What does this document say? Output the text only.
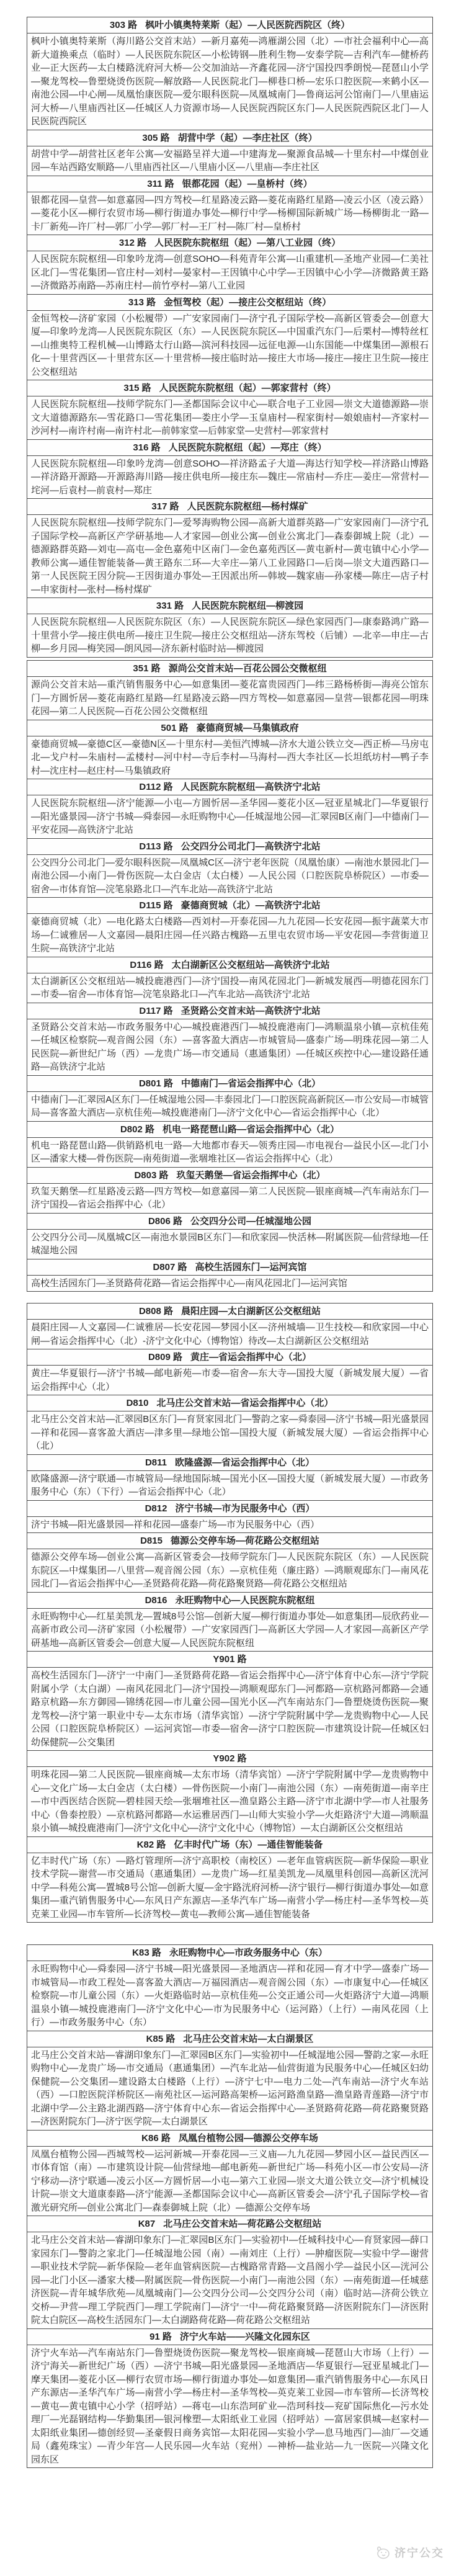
303 路 枫叶小镇奥特莱斯（起）—人民医院西院区（终）
枫叶小镇奥特莱斯（海川路公交首末站）—新月嘉苑—鸿雁湖公园（北）—市社会福利中心—高新大道换乘点（临时）—人民医院东院区—小松铸钢—胜利生物—安泰学院—吉利汽车—健桥药业—正大医药—太白楼路洸府河大桥—公交加油站—齐鑫花园—济宁国投四季朗悦—琵琶山小学—聚龙驾校—鲁塑烧烫伤医院—解放路—人民医院北门—柳巷口桥—宏乐口腔医院—来鹤小区—南池公园—中心闸—凤凰怡康医院—爱尔眼科医院—凤凰城南门—鲁商运河公馆南门—八里庙运河大桥—八里庙西社区—任城区人力资源市场—人民医院西院区东门—人民医院西院区北门—人民医院西院区
305 路 胡营中学（起）—李庄社区（终）
胡营中学—胡营社区老年公寓—安福路呈祥大道—中建海龙—聚源食品城—十里东村—中煤创业园—车站西路安顺路—八里庙西社区—八里庙小区—八里庙—李庄社区
311 路 银都花园（起）—皇桥村（终）
银都花园—皇营—如意嘉园—四方驾校—红星路凌云路—菱花南路红星路—凌云小区（凌云路）—菱花小区—柳行农贸市场—柳行街道办事处—柳行中学—杨柳国际新城广场—杨柳街北一路—卡厂新苑—许厂村—郭厂小学—郭厂村—王厂村—陈厂村—皇桥村
312 路 人民医院东院枢纽（起）—第八工业园（终）
人民医院东院枢纽—印象吟龙湾—创意SOHO—科苑青年公寓—山重建机—圣地产业园—仁美社区北门—雪花集团—官庄村—刘村—晏家村—王因镇中心中学—王因镇中心小学—济微路黄王路—济微路苏南路—苏南庄村—前竹亭村—第八工业园
313 路 金恒驾校（起）—接庄公交枢纽站（终）
金恒驾校—济矿家园（小松履带）—广安家园南门—济宁孔子国际学校—高新区管委会—创意大厦—印象吟龙湾—人民医院东院区（东）—人民医院东院区—中国重汽东门—后栗村—博特丝杠—山推奥特工程机械—山博路太行山路—滨河科技园—远征电源—山东国能—中煤集团—源根石化—十里营西区—十里营东区—十里营桥—接庄临时站—接庄大市场—接庄—接庄卫生院—接庄公交枢纽站
315 路 人民医院东院枢纽（起）—郭家营村（终）
人民医院东院枢纽—技师学院东门—圣都国际会议中心—联合电子工业园—崇文大道德源路—崇文大道德源路东—雪花路口—雪花集团—娄庄小学—玉皇庙村—程家街村—娘娘庙村—齐家村—沙河村—南许村南—南许村北—前韩家堂—后韩家堂—史营村—郭家营村
316 路 人民医院东院枢纽（起）—郑庄（终）
人民医院东院枢纽—印象吟龙湾—创意SOHO—祥济路孟子大道—海达行知学校—祥济路山博路—祥济路开源路—开源路海川路—接庄供电所—接庄东—魏庄—常庙村—乔庄—姜庄—常营村—垞河—后袁村—前袁村—郑庄
317 路 人民医院东院枢纽—杨村煤矿
人民医院东院枢纽—技师学院东门—爱琴海购物公园—高新大道群英路—广安家园南门—济宁孔子国际学校—高新区产学研基地—人才家园—创业公寓—创业公寓北门—森泰御城上院（北）—德源路群英路—刘屯—高屯—金色嘉苑中区南门—金色嘉苑西区—黄屯新村—黄屯镇中心小学—教师公寓—通佳智能装备—黄王路东二环—大辛庄—第八工业园路口—后岗—崇文大道西路口—第一人民医院王因分院—王因街道办事处—王因派出所—韩坡—魏家庙—孙家楼—陈庄—店子村—申家街村—张村—杨村煤矿
331 路 人民医院东院枢纽—柳渡园
人民医院东院枢纽—人民医院东院区（东）—人民医院东院区—绿色家园西门—康泰路鸿广路—十里营小学—接庄供电所—接庄卫生院—接庄公交枢纽站—济东驾校（后铺）—北辛—申庄—古柳—乡月园—梅笑园—朗风园—济东新村临时站—柳渡园
351 路 源尚公交首末站—百花公园公交微枢纽
源尚公交首末站—重汽销售服务中心—如意集团—菱花富贵园西门—纬三路杨桥街—海亮公馆东门—方圆忻居—菱花南路红星路—红星路凌云路—四方驾校—如意嘉园—皇营—银都花园—明珠花园—第二人民医院—百花公园公交微枢纽
501 路 豪德商贸城—马集镇政府
豪德商贸城—豪德C区—豪德N区—十里东村—美恒汽博城—济水大道公铁立交—西正桥—马房屯北—戈户村—朱庙村—孟楼村—河中村—寺后李村—马海村—西大李社区—长坦纸坊村—鸭子李村—沈庄村—赵庄村—马集镇政府
D112 路 人民医院东院枢纽—高铁济宁北站
人民医院东院枢纽—济宁能源—小屯—方圆忻居—圣华园—菱花小区—冠亚星城北门—华夏银行—阳光盛景园—济宁书城—舜泰园—永旺购物中心—任城湿地公园—汇翠园B区南门—中德南门—平安花园—高铁济宁北站
D113 路 公交四分公司北门—高铁济宁北站
公交四分公司北门—爱尔眼科医院—凤凰城C区—济宁老年医院（凤凰怡康）—南池水景园北门—南池公园—小南门—骨伤医院—太白金店（太白楼）—人民公园（口腔医院阜桥院区）—市委—宿舍—市体育馆—浣笔泉路北口—汽车北站—高铁济宁北站
D115 路 豪德商贸城（北）—高铁济宁北站
豪德商贸城（北）—电化路太白楼路—西刘村—开泰花园—九九花园—长安花园—振宇蔬菜大市场—仁诚雅居—人文嘉园—晨阳庄园—任兴路古槐路—五里屯农贸市场—平安花园—李营街道卫生院—高铁济宁北站
D116 路 太白湖新区公交枢纽站—高铁济宁北站
太白湖新区公交枢纽站—城投鹿港西门—济宁国投—南风花园北门—新城发展西—明德花园东门—市委—宿舍—市体育馆—浣笔泉路北口—汽车北站—高铁济宁北站
D117 路 圣贤路公交首末站—高铁济宁北站
圣贤路公交首末站—市政务服务中心—城投鹿港西门—城投鹿港南门—鸿顺温泉小镇—京杭佳苑—任城区检察院—观音阁公园（东）—喜客盈大酒店—市城管局—盛泰广场—明珠花园—第二人民医院—新世纪广场（西）—龙贵广场—市交通局（惠通集团）—任城区疾控中心—建设路任通路—高铁济宁北站
D801 路 中德南门—省运会指挥中心（北）
中德南门—汇翠园A区东门—任城湿地公园—丰泰园北门—口腔医院高新院区—市公安局—市城管局—喜客盈大酒店—京杭佳苑—城投鹿港南门—济宁文化中心—省运会指挥中心（北）
D802 路 机电一路琵琶山路—省运会指挥中心（北）
机电一路琵琶山路—供销路机电一路—大地都市春天—领秀庄园—市电视台—益民小区—北门小区—潘家大楼—骨伤医院—南苑街道—张堌堆社区—省运会指挥中心（北）
D803 路 玖玺天鹅堡—省运会指挥中心（北）
玖玺天鹅堡—红星路凌云路—四方驾校—如意嘉园—第二人民医院—银座商城—汽车南站东门—济宁国投—省运会指挥中心（北）
D806 路 公交四分公司—任城湿地公园
公交四分公司—凤凰城C区—南池水景园B区东门—和欣家园—快活林—附属医院—仙营绿地—任城湿地公园
D807 路 高校生活园东门—运河宾馆
高校生活园东门—圣贤路荷花路—省运会指挥中心—南风花园北门—运河宾馆
D808 路 晨阳庄园—太白湖新区公交枢纽站
晨阳庄园—人文嘉园—仁诚雅居—长安花园—梦园小区—济州城墙—卫生技校—和欣家园—中心闸—省运会指挥中心（北）-济宁文化中心（博物馆）待改—太白湖新区公交枢纽站
D809 路 黄庄—省运会指挥中心（北）
黄庄—华夏银行—济宁书城—邮电新苑—市委—宿舍—东大寺—国投大厦（新城发展大厦）—省运会指挥中心（北）
D810 北马庄公交首末站—省运会指挥中心（北）
北马庄公交首末站—汇翠园B区东门—育贤家园北门—警韵之家—舜泰园—济宁书城—阳光盛景园—祥和花园—喜客盈大酒店—津多里—绿地公馆—国投大厦（新城发展大厦）—省运会指挥中心（北）
D811 欧隆盛源—省运会指挥中心（北）
欧隆盛源—济宁联通—市城管局—绿地国际城—国光小区—国投大厦（新城发展大厦）—市政务服务中心（东）（下行）—省运会指挥中心（北）
D812 济宁书城—市为民服务中心（西）
济宁书城—阳光盛景园—祥和花园—盛泰广场—市为民服务中心（西）
D815 德源公交停车场—荷花路公交枢纽站
德源公交停车场—创业公寓—高新区管委会—技师学院东门—人民医院东院区（东）—人民医院东院区—中煤集团—八里营—观音阁公园（东）—京杭佳苑（廉庄路）—鸿顺观邸东门—南风花园北门—省运会指挥中心—圣贤路荷花路—荷花路聚贤路—荷花路公交枢纽站
D816 永旺购物中心—人民医院东院枢纽
永旺购物中心—红星美凯龙—置城8号公馆—创新大厦—柳行街道办事处—如意集团—辰欣药业—高新市政公司—济矿家园（小松履带）—广安家园西门—高新区大学园—人才家园—高新区产学研基地—高新区管委会—创意大厦—人民医院东院枢纽
Y901 路
高校生活园东门—济宁一中南门—圣贤路荷花路—省运会指挥中心—济宁体育中心东—济宁学院附属小学（太白湖）—南风花园北门—济宁国投—鸿顺观邸东门—河都路—京杭路河都路—会通路京杭路—东方御园—锦绣花园—市儿童公园—国光小区—汽车南站东门—鲁塑烧烫伤医院—聚龙驾校—济宁第一职业中专—太东市场（清华宾馆）—济宁学院附属中学—龙贵购物中心—人民公园（口腔医院阜桥院区）—运河宾馆—市委—宿舍—济宁口腔医院—市建筑设计院—任城区妇幼保健院—公交集团
Y902 路
明珠花园—第二人民医院—银座商城—太东市场（清华宾馆）—济宁学院附属中学—龙贵购物中心—文化广场—太白金店（太白楼）—骨伤医院—小南门—南池公园（东）—南苑街道—南辛庄—市中西医结合医院—碧桂园天绘—张堌堆社区—渔皇路公主路—济宁市北湖中学—市人社服务中心（鲁泰控股）—京杭路河都路—水运雅居西门—山师大实验小学—火炬路济宁大道—鸿顺温泉小镇—城投鹿港南门—济宁文化中心—济宁文化中心（博物馆）—太白湖新区公交枢纽站
K82 路 亿丰时代广场（东）—通佳智能装备
亿丰时代广场（东）—路灯管理所—济宁高职校（南校区）—老年血管病医院—新华保险—职业技术学院—谢营—市交通局（惠通集团）—龙贵广场—红星美凯龙—凤凰里科创园—高新区洸河中学—科苑公寓—置城8号公馆—创新大厦—金宇路洸府河桥—济宁银行—柳行街道办事处—如意集团—重汽销售服务中心—东风日产东源店—圣华汽车广场—南营小学—杨庄村—圣华驾校—英克莱工业园—市车管所—长济驾校—黄屯—教师公寓—通佳智能装备
K83 路 永旺购物中心—市政务服务中心（东）
永旺购物中心—舜泰园—济宁书城—阳光盛景园—圣地酒店—祥和花园—育才中学—盛泰广场—市城管局—市政工程处—喜客盈大酒店—万福园酒店—观音阁公园（东）—市康复中心—任城区检察院—市儿童公园（东）—火炬路临时站—京杭佳苑—公交正通公司—火炬路济宁大道—鸿顺温泉小镇—城投鹿港南门—济宁文化中心—市为民服务中心（运河路）（上行）—南风花园（上行）—市政务服务中心（东）
K85 路 北马庄公交首末站—太白湖景区
北马庄公交首末站—睿湖印象东门—汇翠园B区东门—实验初中—任城湿地公园—警韵之家—永旺购物中心—龙贵广场—市交通局（惠通集团）—汽车北站—仙营街道为民服务中心—任城区妇幼保健院—公交集团—建设路太白楼路（上行）—济宁七中—电力二处—汽车南站—济宁火车站（西）—口腔医院洋桥院区—南苑社区—运河路高架桥—运河路渔皇路—渔皇路青莲路—济宁市北湖中学—公主路北湖西路—济宁体育中心东—省运会指挥中心—圣贤路荷花路—荷花路聚贤路—济医附院东门—济宁医学院—太白湖景区
K86 路 凤凰台植物公园—德源公交停车场
凤凰台植物公园—西城驾校—运河新城—开泰花园—三义庙—九九花园—梦园小区—益民西区—市体育馆（南）—市建筑设计院—仙营绿地—邮电新苑—新世纪广场—科苑小区—市公安局—济宁移动—济宁联通—凌云小区—方圆忻居—小屯—第六工业园—崇文大道公铁立交—济宁机械设计院—崇文大道康泰路—济宁能源—圣都国际会议中心—高新区管委会—济宁孔子国际学校—省激光研究所—创业公寓北门—森泰御城上院（北）—德源公交停车场
K87 北马庄公交首末站—荷花路公交枢纽站
北马庄公交首末站—睿湖印象东门—汇翠园B区东门—实验初中—任城科技中心—育贤家园—薛口家园东门—警韵之家北门—任城湿地公园（南）—南刘庄（上行）—肿瘤医院—实验中学—谢营—职业技术学院—新华保险—老年血管病医院—古槐路常青路—文昌阁小学—益民小区—洸河公园—北门小区—潘家大楼—附属医院—骨伤医院—小南门—南池公园（东）—南苑街道—任城慈济医院—青年城华欣苑—凤凰城南门—公交四分公司—公交四分公司（南）临时站—济荷公铁立交桥—尹营—理工学院西门—理工学院南门—济宁一中—荷花路聚贤路—济医附院东门—济医附院太白院区—高校生活园东门—太白湖路荷花路—荷花路公交枢纽站
91 路 济宁火车站——兴隆文化园东区
济宁火车站—汽车南站东门—鲁塑烧烫伤医院—聚龙驾校—银座商城—琵琶山大市场（上行）—济宁海关—新世纪广场（西）—济宁书城—阳光盛景园—圣地酒店—华夏银行—冠亚星城北门—摩天集团—菱花小区—柳行农贸市场—柳行街道办事处—如意集团—重汽销售服务中心—东风日产东源店—圣华汽车广场—南营小学—杨庄村—圣华驾校—英克莱工业园—市车管所—长济驾校—黄屯—黄屯镇中心小学（招呼站）—蒋屯—山东浩珂矿业—浩珂科技—兖矿国际焦化—污水处理厂—光磊钢结构—华勤集团—银河橡塑—太阳纸业工业园（招呼站）—富居家俱城—赵家村—太阳纸业集团—德创经贸—圣豪假日商务宾馆—太阳花园—实验小学—息马地西门—油厂—交通局（鑫苑珠宝）—青少年宫—人民乐园—火车站（兖州）—神桥—盐业站—九一医院—兴隆文化园东区
济宁公交
